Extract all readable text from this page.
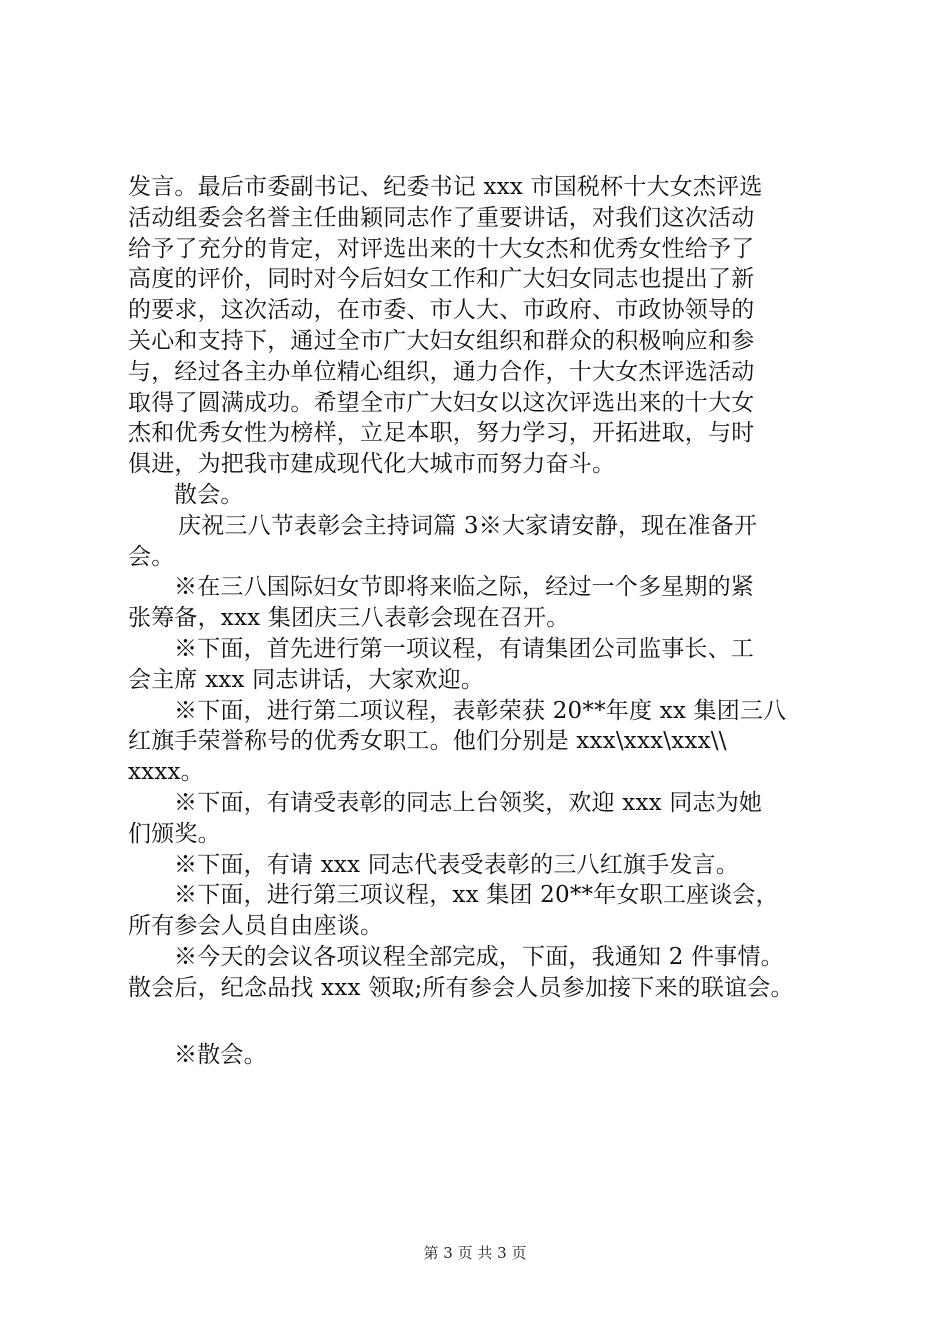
发言。最后市委副书记、纪委书记 xxx 市国税杯十大女杰评选
活动组委会名誉主任曲颖同志作了重要讲话，对我们这次活动
给予了充分的肯定，对评选出来的十大女杰和优秀女性给予了
高度的评价，同时对今后妇女工作和广大妇女同志也提出了新
的要求，这次活动，在市委、市人大、市政府、市政协领导的
关心和支持下，通过全市广大妇女组织和群众的积极响应和参
与，经过各主办单位精心组织，通力合作，十大女杰评选活动
取得了圆满成功。希望全市广大妇女以这次评选出来的十大女
杰和优秀女性为榜样，立足本职，努力学习，开拓进取，与时
俱进，为把我市建成现代化大城市而努力奋斗。
散会。
庆祝三八节表彰会主持词篇 3※大家请安静，现在准备开
会。
※在三八国际妇女节即将来临之际，经过一个多星期的紧
张筹备，xxx 集团庆三八表彰会现在召开。
※下面，首先进行第一项议程，有请集团公司监事长、工
会主席 xxx 同志讲话，大家欢迎。
※下面，进行第二项议程，表彰荣获 20**年度 xx 集团三八
红旗手荣誉称号的优秀女职工。他们分别是 xxx\xxx\xxx\\
xxxx。
※下面，有请受表彰的同志上台领奖，欢迎 xxx 同志为她
们颁奖。
※下面，有请 xxx 同志代表受表彰的三八红旗手发言。
※下面，进行第三项议程，xx 集团 20**年女职工座谈会，
所有参会人员自由座谈。
※今天的会议各项议程全部完成，下面，我通知 2 件事情。
散会后，纪念品找 xxx 领取;所有参会人员参加接下来的联谊会。
※散会。
第 3 页 共 3 页
